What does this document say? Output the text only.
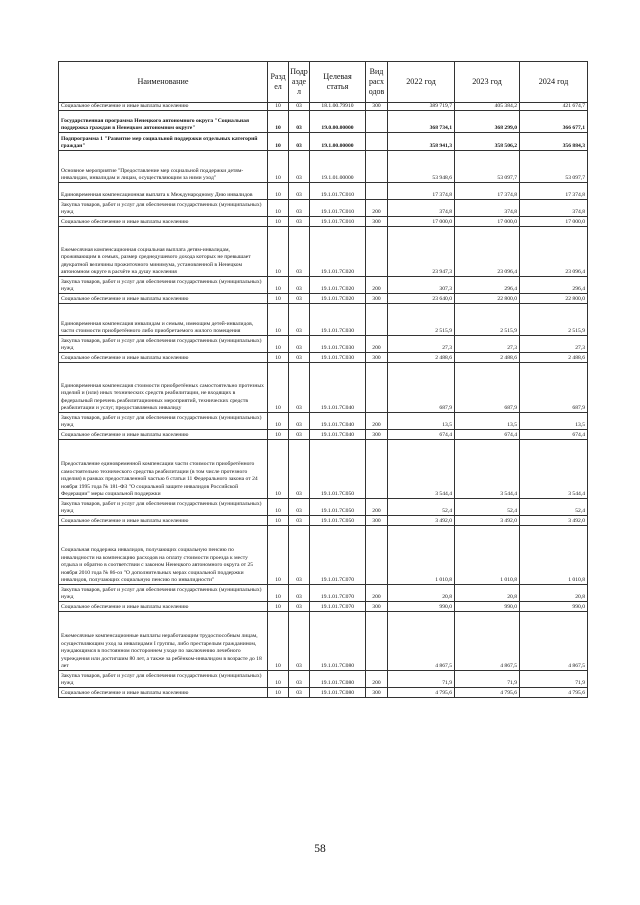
Наименование	Разд ел	Подр азде л	Целевая статья	Вид расх одов	2022 год	2023 год	2024 год
Социальное обеспечение и иные выплаты населению	10	03	18.1.00.79910	300	389 719,7	405 384,2	421 674,7
Государственная программа Ненецкого автономного округа "Социальная поддержка граждан в Ненецком автономном округе"	10	03	19.0.00.00000		368 734,1	368 299,0	366 677,1
Подпрограмма 1 "Развитие мер социальной поддержки отдельных категорий граждан"	10	03	19.1.00.00000		358 941,3	358 506,2	356 884,3
Основное мероприятие "Предоставление мер социальной поддержки детям-инвалидам, инвалидам и лицам, осуществляющим за ними уход"	10	03	19.1.01.00000		53 948,6	53 097,7	53 097,7
Единовременная компенсационная выплата к Международному Дню инвалидов	10	03	19.1.01.7С010		17 374,8	17 374,8	17 374,8
Закупка товаров, работ и услуг для обеспечения государственных (муниципальных) нужд	10	03	19.1.01.7С010	200	374,8	374,8	374,8
Социальное обеспечение и иные выплаты населению	10	03	19.1.01.7С010	300	17 000,0	17 000,0	17 000,0
Ежемесячная компенсационная социальная выплата детям-инвалидам, проживающим в семьях, размер среднедушевого дохода которых не превышает двукратной величины прожиточного минимума, установленной в Ненецком автономном округе в расчёте на душу населения	10	03	19.1.01.7С020		23 947,3	23 096,4	23 096,4
Закупка товаров, работ и услуг для обеспечения государственных (муниципальных) нужд	10	03	19.1.01.7С020	200	307,3	296,4	296,4
Социальное обеспечение и иные выплаты населению	10	03	19.1.01.7С020	300	23 640,0	22 800,0	22 800,0
Единовременная компенсация инвалидам и семьям, имеющим детей-инвалидов, части стоимости приобретённого либо приобретаемого жилого помещения	10	03	19.1.01.7С030		2 515,9	2 515,9	2 515,9
Закупка товаров, работ и услуг для обеспечения государственных (муниципальных) нужд	10	03	19.1.01.7С030	200	27,3	27,3	27,3
Социальное обеспечение и иные выплаты населению	10	03	19.1.01.7С030	300	2 488,6	2 488,6	2 488,6
Единовременная компенсация стоимости приобретённых самостоятельно протезных изделий и (или) иных технических средств реабилитации, не входящих в федеральный перечень реабилитационных мероприятий, технических средств реабилитации и услуг, предоставляемых инвалиду	10	03	19.1.01.7С040		687,9	687,9	687,9
Закупка товаров, работ и услуг для обеспечения государственных (муниципальных) нужд	10	03	19.1.01.7С040	200	13,5	13,5	13,5
Социальное обеспечение и иные выплаты населению	10	03	19.1.01.7С040	300	674,4	674,4	674,4
Предоставление единовременной компенсации части стоимости приобретённого самостоятельно технического средства реабилитации (в том числе протезного изделия) в рамках предоставленной частью 6 статьи 11 Федерального закона от 24 ноября 1995 года № 181-ФЗ "О социальной защите инвалидов Российской Федерации" меры социальной поддержки	10	03	19.1.01.7С050		3 544,4	3 544,4	3 544,4
Закупка товаров, работ и услуг для обеспечения государственных (муниципальных) нужд	10	03	19.1.01.7С050	200	52,4	52,4	52,4
Социальное обеспечение и иные выплаты населению	10	03	19.1.01.7С050	300	3 492,0	3 492,0	3 492,0
Социальная поддержка инвалидов, получающих социальную пенсию по инвалидности на компенсацию расходов на оплату стоимости проезда к месту отдыха и обратно в соответствии с законом Ненецкого автономного округа от 25 ноября 2010 года № 86-оз "О дополнительных мерах социальной поддержки инвалидов, получающих социальную пенсию по инвалидности"	10	03	19.1.01.7С070		1 010,8	1 010,8	1 010,8
Закупка товаров, работ и услуг для обеспечения государственных (муниципальных) нужд	10	03	19.1.01.7С070	200	20,8	20,8	20,8
Социальное обеспечение и иные выплаты населению	10	03	19.1.01.7С070	300	990,0	990,0	990,0
Ежемесячные компенсационные выплаты неработающим трудоспособным лицам, осуществляющим уход за инвалидами I группы, либо престарелым гражданином, нуждающимся в постоянном постороннем уходе по заключению лечебного учреждения или достигшим 80 лет, а также за ребёнком-инвалидом в возрасте до 18 лет	10	03	19.1.01.7С080		4 867,5	4 867,5	4 867,5
Закупка товаров, работ и услуг для обеспечения государственных (муниципальных) нужд	10	03	19.1.01.7С080	200	71,9	71,9	71,9
Социальное обеспечение и иные выплаты населению	10	03	19.1.01.7С080	300	4 795,6	4 795,6	4 795,6
58
